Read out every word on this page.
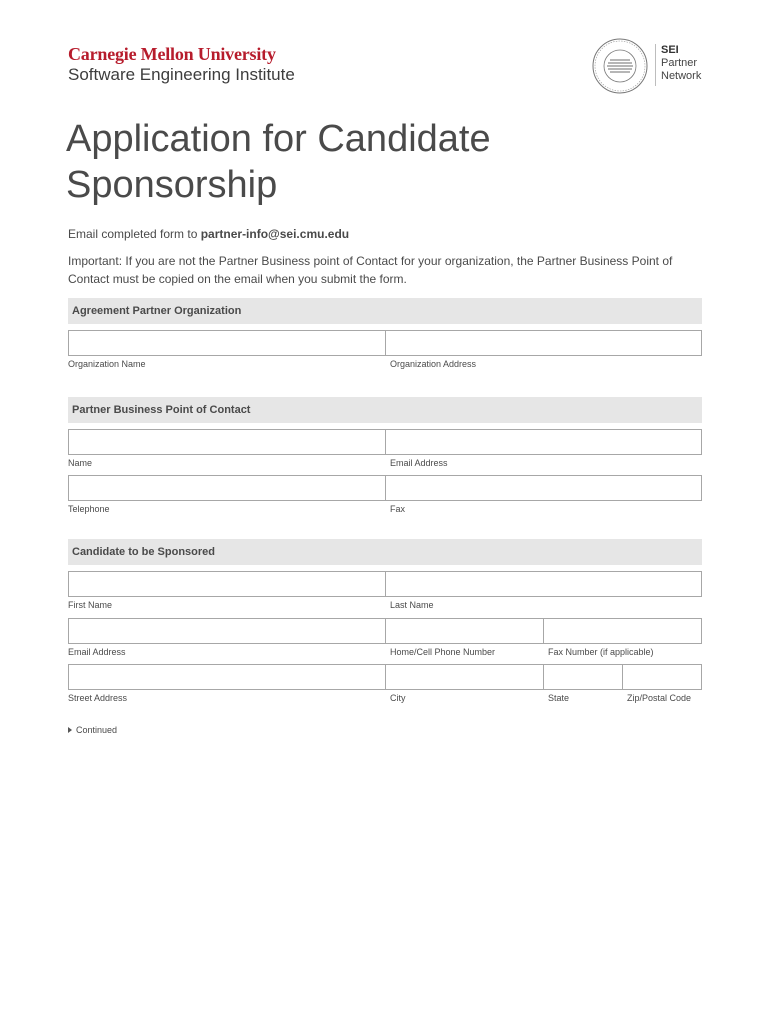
Carnegie Mellon University
Software Engineering Institute
SEI
Partner
Network
Application for Candidate
Sponsorship
Email completed form to partner-info@sei.cmu.edu
Important: If you are not the Partner Business point of Contact for your organization, the Partner Business Point of Contact must be copied on the email when you submit the form.
Agreement Partner Organization
Organization Name	Organization Address
Partner Business Point of Contact
Name	Email Address
Telephone	Fax
Candidate to be Sponsored
First Name	Last Name
Email Address	Home/Cell Phone Number	Fax Number (if applicable)
Street Address	City	State	Zip/Postal Code
Continued
